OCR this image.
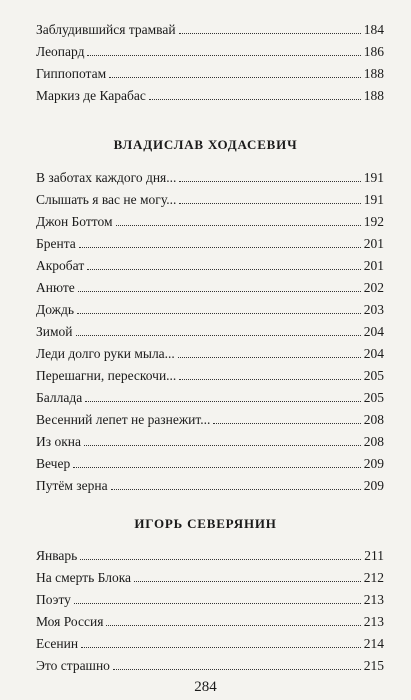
Заблудившийся трамвай	184
Леопард	186
Гиппопотам	188
Маркиз де Карабас	188
ВЛАДИСЛАВ ХОДАСЕВИЧ
В заботах каждого дня...	191
Слышать я вас не могу...	191
Джон Боттом	192
Брента	201
Акробат	201
Анюте	202
Дождь	203
Зимой	204
Леди долго руки мыла...	204
Перешагни, перескочи...	205
Баллада	205
Весенний лепет не разнежит...	208
Из окна	208
Вечер	209
Путём зерна	209
ИГОРЬ СЕВЕРЯНИН
Январь	211
На смерть Блока	212
Поэту	213
Моя Россия	213
Есенин	214
Это страшно	215
284
